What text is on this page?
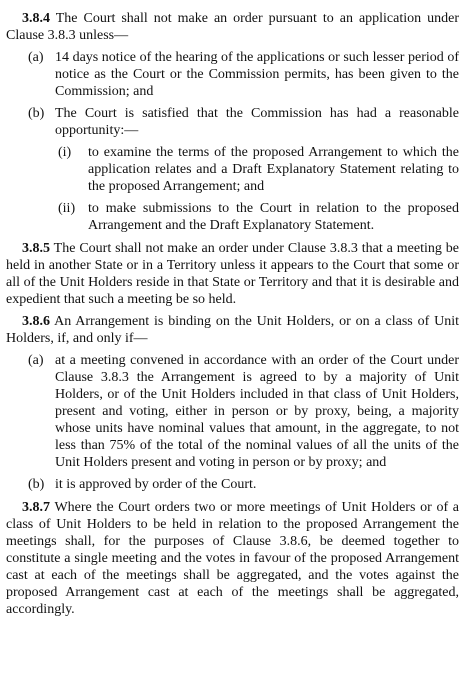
3.8.4 The Court shall not make an order pursuant to an application under Clause 3.8.3 unless—

(a) 14 days notice of the hearing of the applications or such lesser period of notice as the Court or the Commission permits, has been given to the Commission; and
(b) The Court is satisfied that the Commission has had a reasonable opportunity:—
(i)	to examine the terms of the proposed Arrangement to which the application relates and a Draft Explanatory Statement relating to the proposed Arrangement; and
(ii) to make submissions to the Court in relation to the proposed Arrangement and the Draft Explanatory Statement.

3.8.5 The Court shall not make an order under Clause 3.8.3 that a meeting be held in another State or in a Territory unless it appears to the Court that some or all of the Unit Holders reside in that State or Territory and that it is desirable and expedient that such a meeting be so held.

3.8.6 An Arrangement is binding on the Unit Holders, or on a class of Unit Holders, if, and only if—

(a) at a meeting convened in accordance with an order of the Court under Clause 3.8.3 the Arrangement is agreed to by a majority of Unit Holders, or of the Unit Holders included in that class of Unit Holders, present and voting, either in person or by proxy, being, a majority whose units have nominal values that amount, in the aggregate, to not less than 75% of the total of the nominal values of all the units of the Unit Holders present and voting in person or by proxy; and
(b) it is approved by order of the Court.

3.8.7 Where the Court orders two or more meetings of Unit Holders or of a class of Unit Holders to be held in relation to the proposed Arrangement the meetings shall, for the purposes of Clause 3.8.6, be deemed together to constitute a single meeting and the votes in favour of the proposed Arrangement cast at each of the meetings shall be aggregated, and the votes against the proposed Arrangement cast at each of the meetings shall be aggregated, accordingly.
